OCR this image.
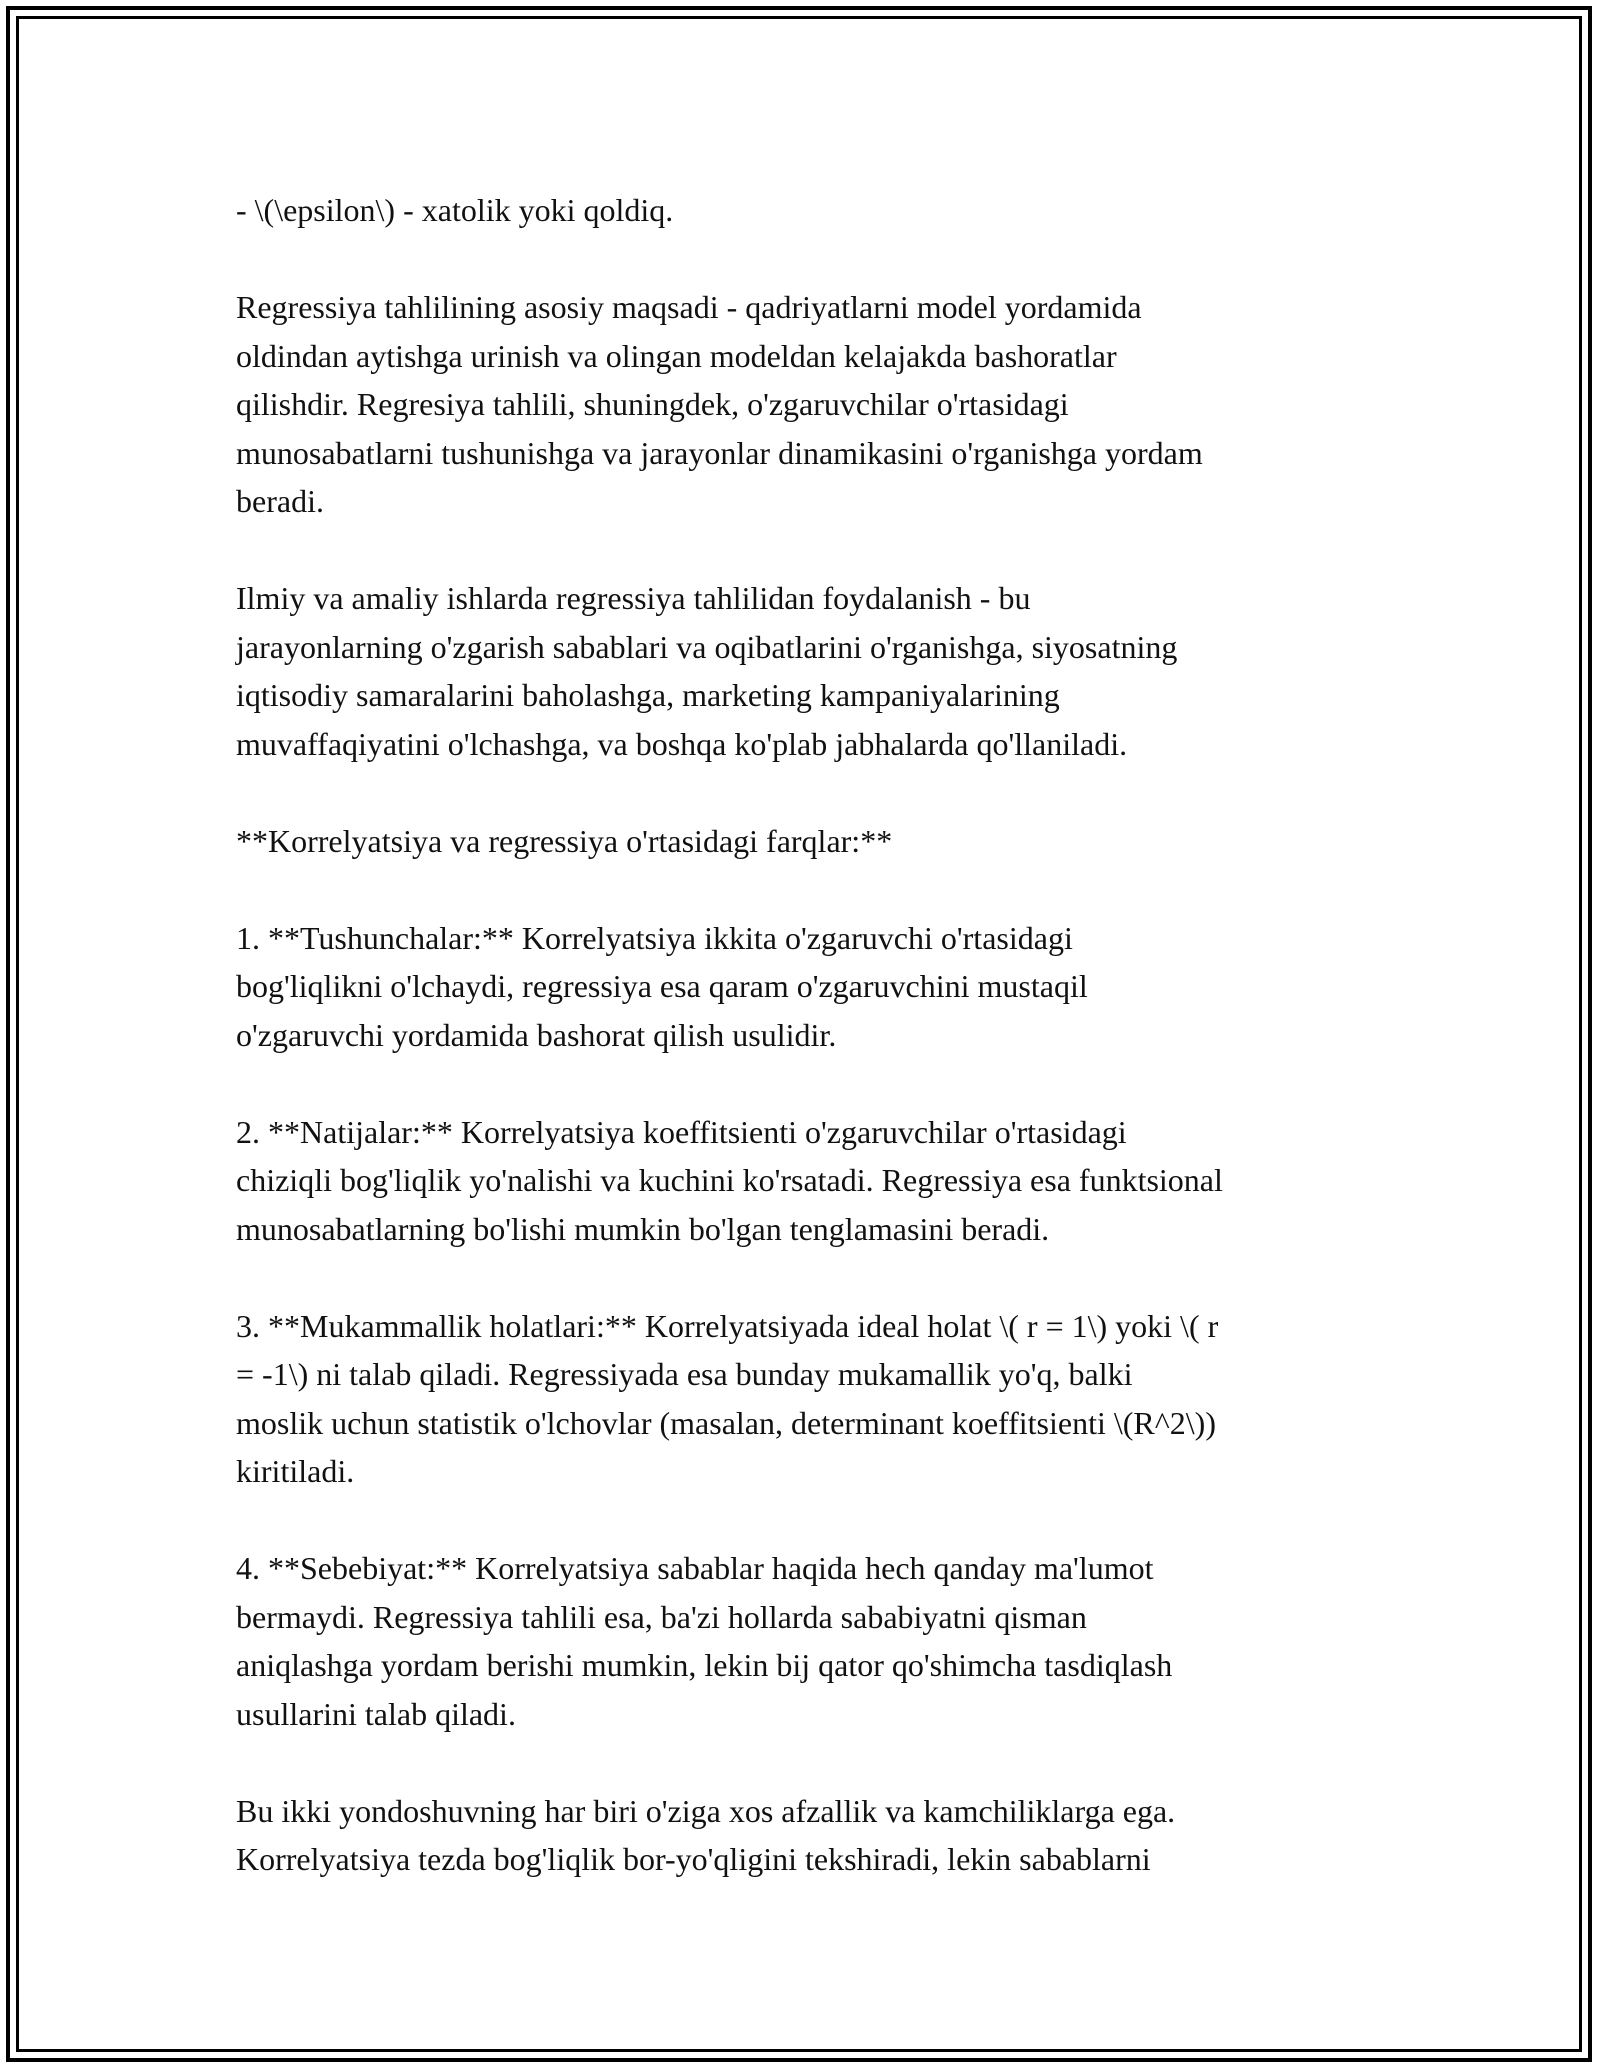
- \(\epsilon\) - xatolik yoki qoldiq.

Regressiya tahlilining asosiy maqsadi - qadriyatlarni model yordamida
oldindan aytishga urinish va olingan modeldan kelajakda bashoratlar
qilishdir. Regresiya tahlili, shuningdek, o'zgaruvchilar o'rtasidagi
munosabatlarni tushunishga va jarayonlar dinamikasini o'rganishga yordam
beradi.

Ilmiy va amaliy ishlarda regressiya tahlilidan foydalanish - bu
jarayonlarning o'zgarish sabablari va oqibatlarini o'rganishga, siyosatning
iqtisodiy samaralarini baholashga, marketing kampaniyalarining
muvaffaqiyatini o'lchashga, va boshqa ko'plab jabhalarda qo'llaniladi.

**Korrelyatsiya va regressiya o'rtasidagi farqlar:**

1. **Tushunchalar:** Korrelyatsiya ikkita o'zgaruvchi o'rtasidagi
bog'liqlikni o'lchaydi, regressiya esa qaram o'zgaruvchini mustaqil
o'zgaruvchi yordamida bashorat qilish usulidir.

2. **Natijalar:** Korrelyatsiya koeffitsienti o'zgaruvchilar o'rtasidagi
chiziqli bog'liqlik yo'nalishi va kuchini ko'rsatadi. Regressiya esa funktsional
munosabatlarning bo'lishi mumkin bo'lgan tenglamasini beradi.

3. **Mukammallik holatlari:** Korrelyatsiyada ideal holat \( r = 1\) yoki \( r
= -1\) ni talab qiladi. Regressiyada esa bunday mukamallik yo'q, balki
moslik uchun statistik o'lchovlar (masalan, determinant koeffitsienti \(R^2\))
kiritiladi.

4. **Sebebiyat:** Korrelyatsiya sabablar haqida hech qanday ma'lumot
bermaydi. Regressiya tahlili esa, ba'zi hollarda sababiyatni qisman
aniqlashga yordam berishi mumkin, lekin bij qator qo'shimcha tasdiqlash
usullarini talab qiladi.

Bu ikki yondoshuvning har biri o'ziga xos afzallik va kamchiliklarga ega.
Korrelyatsiya tezda bog'liqlik bor-yo'qligini tekshiradi, lekin sabablarni
